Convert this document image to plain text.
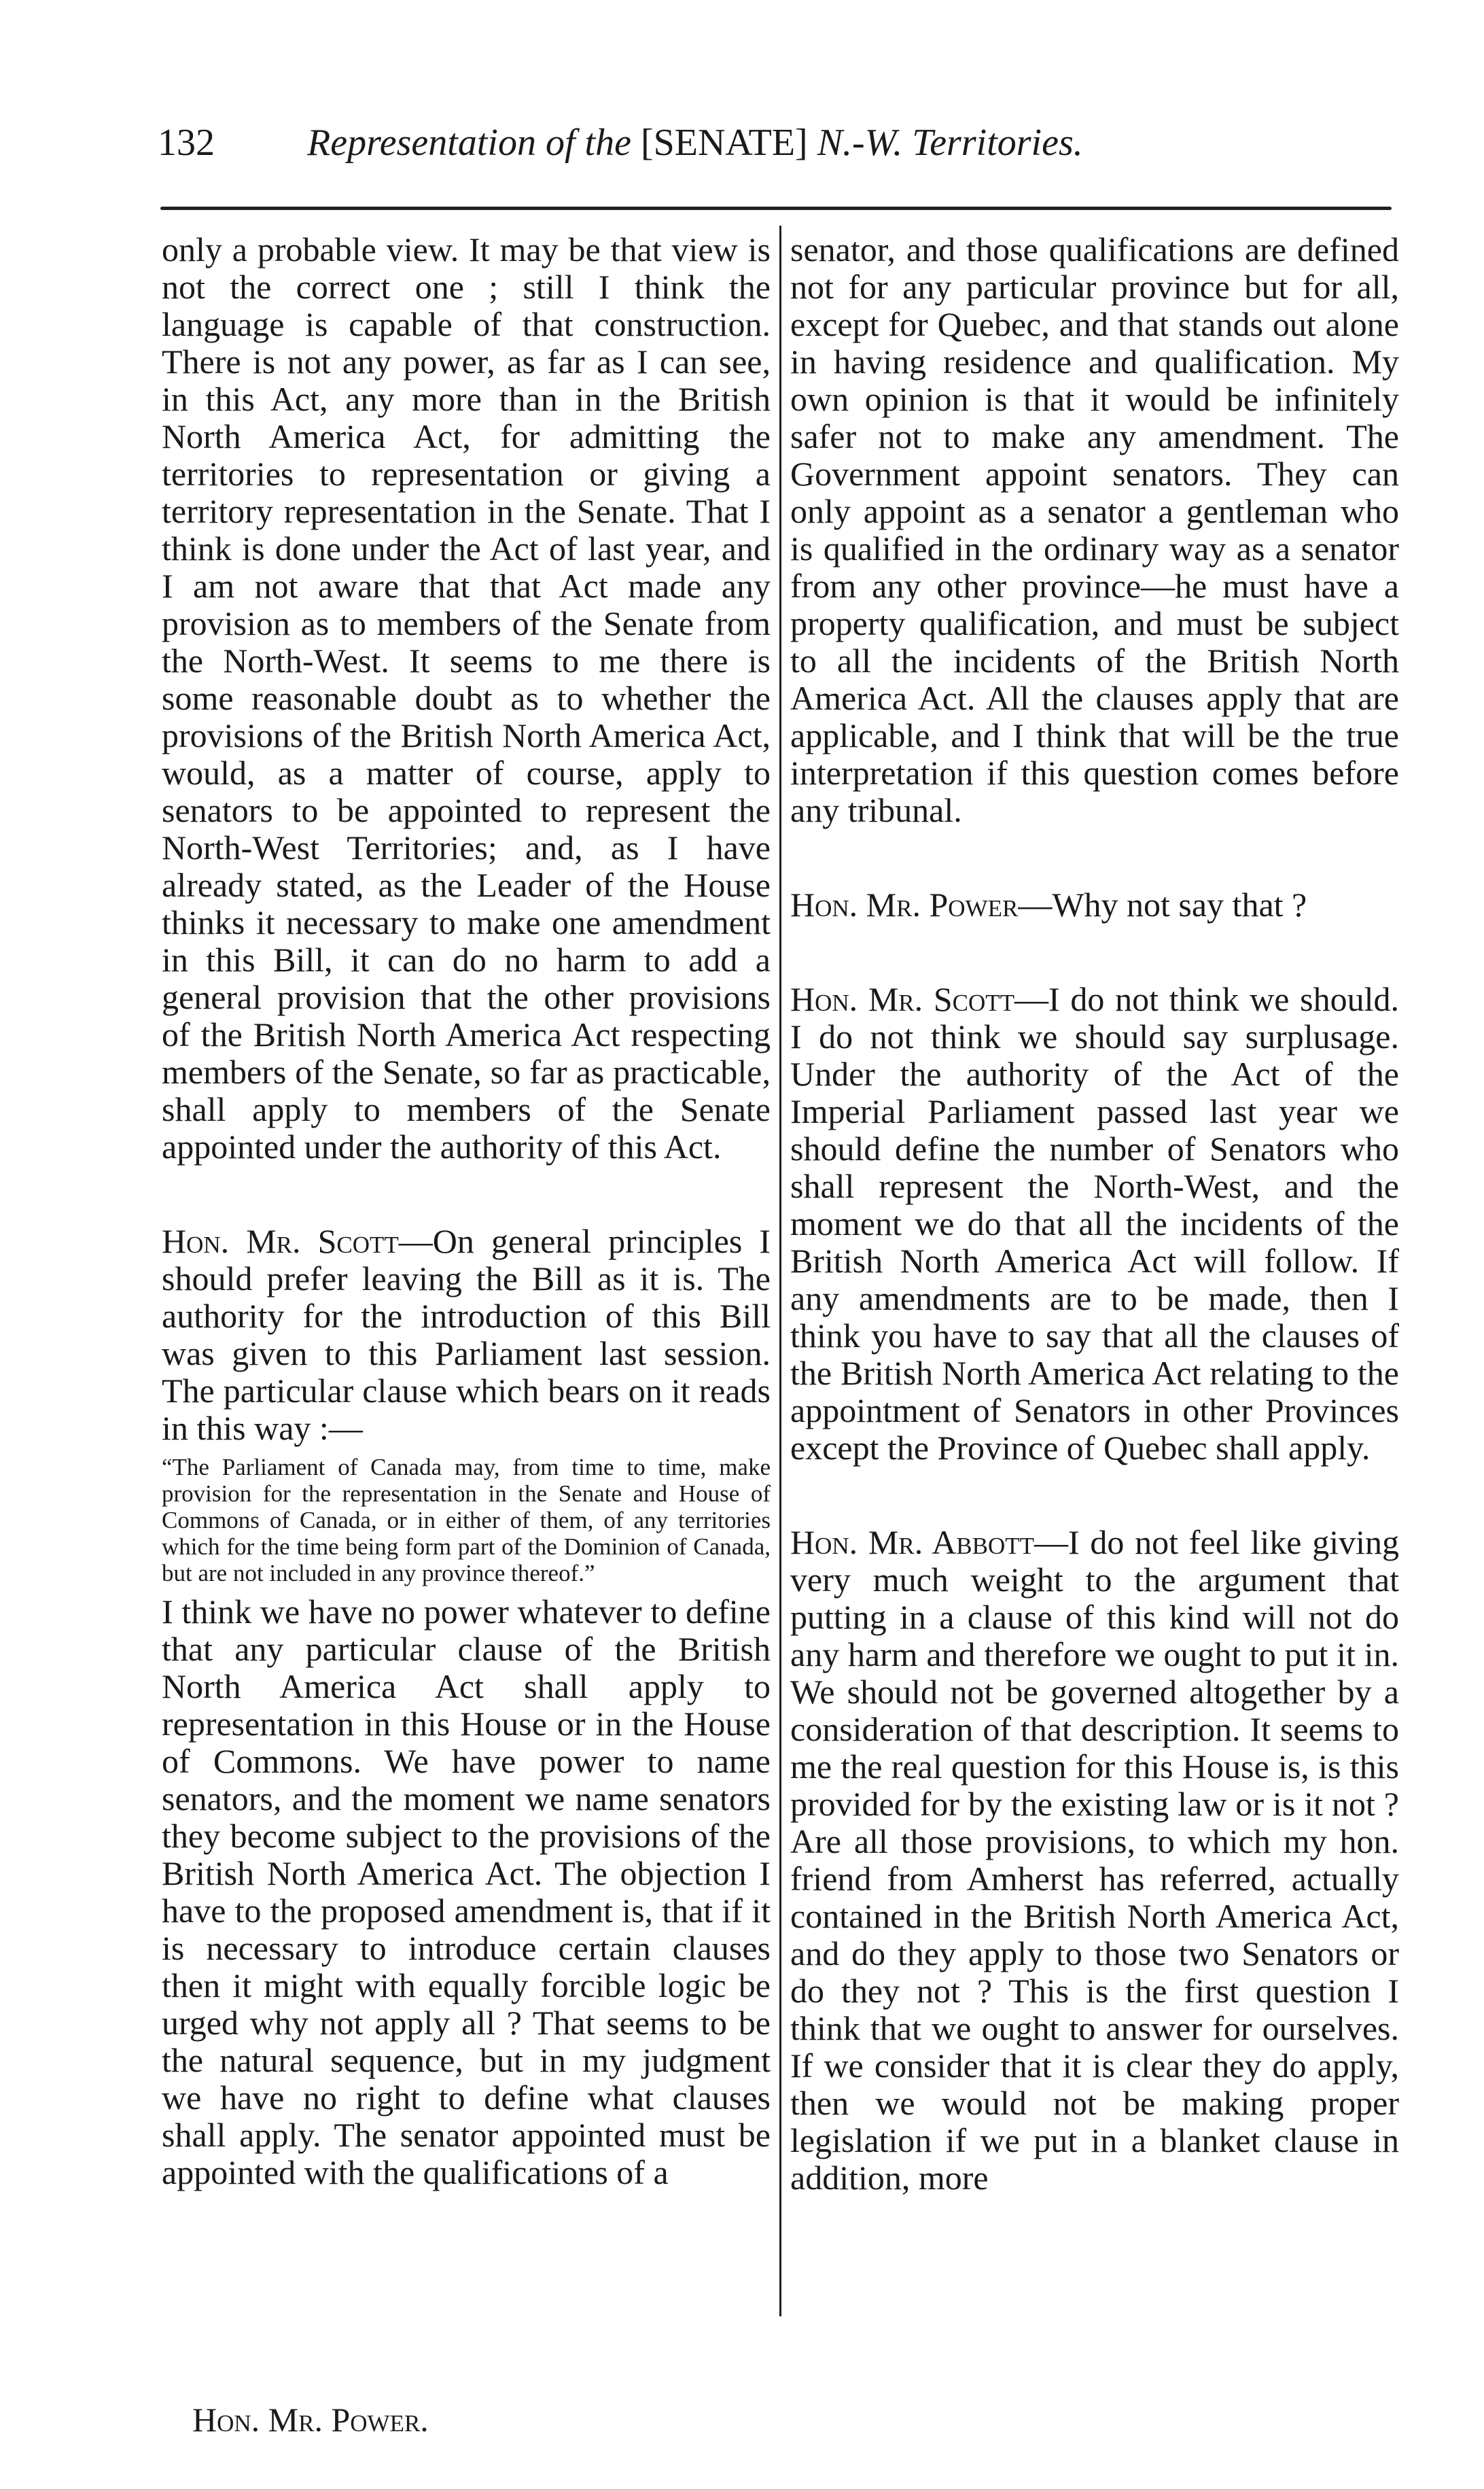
132 Representation of the [SENATE] N.-W. Territories.

only a probable view. It may be that view is not the correct one ; still I think the language is capable of that construction. There is not any power, as far as I can see, in this Act, any more than in the British North America Act, for admitting the territories to representation or giving a territory representation in the Senate. That I think is done under the Act of last year, and I am not aware that that Act made any provision as to members of the Senate from the North-West. It seems to me there is some reasonable doubt as to whether the provisions of the British North America Act, would, as a matter of course, apply to senators to be appointed to represent the North-West Territories; and, as I have already stated, as the Leader of the House thinks it necessary to make one amendment in this Bill, it can do no harm to add a general provision that the other provisions of the British North America Act respecting members of the Senate, so far as practicable, shall apply to members of the Senate appointed under the authority of this Act.

Hon. Mr. Scott—On general principles I should prefer leaving the Bill as it is. The authority for the introduction of this Bill was given to this Parliament last session. The particular clause which bears on it reads in this way :—

“The Parliament of Canada may, from time to time, make provision for the representation in the Senate and House of Commons of Canada, or in either of them, of any territories which for the time being form part of the Dominion of Canada, but are not included in any province thereof.”

I think we have no power whatever to define that any particular clause of the British North America Act shall apply to representation in this House or in the House of Commons. We have power to name senators, and the moment we name senators they become subject to the provisions of the British North America Act. The objection I have to the proposed amendment is, that if it is necessary to introduce certain clauses then it might with equally forcible logic be urged why not apply all ? That seems to be the natural sequence, but in my judgment we have no right to define what clauses shall apply. The senator appointed must be appointed with the qualifications of a

senator, and those qualifications are defined not for any particular province but for all, except for Quebec, and that stands out alone in having residence and qualification. My own opinion is that it would be infinitely safer not to make any amendment. The Government appoint senators. They can only appoint as a senator a gentleman who is qualified in the ordinary way as a senator from any other province—he must have a property qualification, and must be subject to all the incidents of the British North America Act. All the clauses apply that are applicable, and I think that will be the true interpretation if this question comes before any tribunal.

Hon. Mr. Power—Why not say that ?

Hon. Mr. Scott—I do not think we should. I do not think we should say surplusage. Under the authority of the Act of the Imperial Parliament passed last year we should define the number of Senators who shall represent the North-West, and the moment we do that all the incidents of the British North America Act will follow. If any amendments are to be made, then I think you have to say that all the clauses of the British North America Act relating to the appointment of Senators in other Provinces except the Province of Quebec shall apply.

Hon. Mr. Abbott—I do not feel like giving very much weight to the argument that putting in a clause of this kind will not do any harm and therefore we ought to put it in. We should not be governed altogether by a consideration of that description. It seems to me the real question for this House is, is this provided for by the existing law or is it not ? Are all those provisions, to which my hon. friend from Amherst has referred, actually contained in the British North America Act, and do they apply to those two Senators or do they not ? This is the first question I think that we ought to answer for ourselves. If we consider that it is clear they do apply, then we would not be making proper legislation if we put in a blanket clause in addition, more

Hon. Mr. Power.
